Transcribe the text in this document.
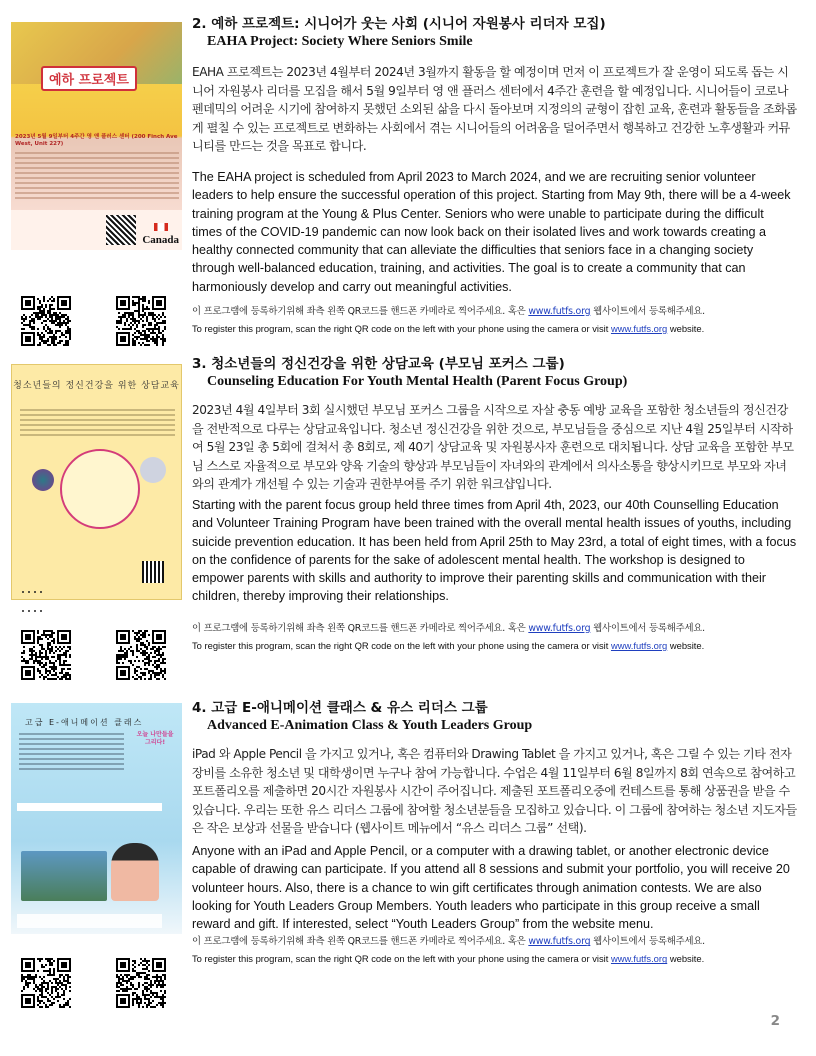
예하 프로젝트
2023년 5월 9일부터 4주간 영 앤 플러스 센터 (200 Finch Ave West, Unit 227)
Canada

청소년들의 정신건강을 위한 상담교육

고급 E-애니메이션 클래스
오늘 나만들을 그리다!
2. 예하 프로젝트: 시니어가 웃는 사회 (시니어 자원봉사 리더자 모집)
EAHA Project: Society Where Seniors Smile
EAHA 프로젝트는 2023년 4월부터 2024년 3월까지 활동을 할 예정이며 먼저 이 프로젝트가 잘 운영이 되도록 돕는 시니어 자원봉사 리더를 모집을 해서 5월 9일부터 영 앤 플러스 센터에서 4주간 훈련을 할 예정입니다. 시니어들이 코로나 펜데믹의 어려운 시기에 참여하지 못했던 소외된 삶을 다시 돌아보며 지정의의 균형이 잡힌 교육, 훈련과 활동들을 조화롭게 펼칠 수 있는 프로젝트로 변화하는 사회에서 겪는 시니어들의 어려움을 덜어주면서 행복하고 건강한 노후생활과 커뮤니티를 만드는 것을 목표로 합니다.
The EAHA project is scheduled from April 2023 to March 2024, and we are recruiting senior volunteer leaders to help ensure the successful operation of this project. Starting from May 9th, there will be a 4-week training program at the Young & Plus Center. Seniors who were unable to participate during the difficult times of the COVID-19 pandemic can now look back on their isolated lives and work towards creating a healthy connected community that can alleviate the difficulties that seniors face in a changing society through well-balanced education, training, and activities. The goal is to create a community that can harmoniously develop and carry out meaningful activities.
이 프로그램에 등록하기위해 좌측 왼쪽 QR코드를 핸드폰 카메라로 찍어주세요. 혹은 www.futfs.org 웹사이트에서 등록해주세요.
To register this program, scan the right QR code on the left with your phone using the camera or visit www.futfs.org website.
3. 청소년들의 정신건강을 위한 상담교육 (부모님 포커스 그룹)
Counseling Education For Youth Mental Health (Parent Focus Group)
2023년 4월 4일부터 3회 실시했던 부모님 포커스 그룹을 시작으로 자살 충동 예방 교육을 포함한 청소년들의 정신건강을 전반적으로 다루는 상담교육입니다. 청소년 정신건강을 위한 것으로, 부모님들을 중심으로 지난 4월 25일부터 시작하여 5월 23일 총 5회에 걸쳐서 총 8회로, 제 40기 상담교육 및 자원봉사자 훈련으로 대치됩니다. 상담 교육을 포함한 부모님 스스로 자율적으로 부모와 양육 기술의 향상과 부모님들이 자녀와의 관계에서 의사소통을 향상시키므로 부모와 자녀와의 관계가 개선될 수 있는 기술과 권한부여를 주기 위한 워크샵입니다.
Starting with the parent focus group held three times from April 4th, 2023, our 40th Counselling Education and Volunteer Training Program have been trained with the overall mental health issues of youths, including suicide prevention education. It has been held from April 25th to May 23rd, a total of eight times, with a focus on the confidence of parents for the sake of adolescent mental health. The workshop is designed to empower parents with skills and authority to improve their parenting skills and communication with their children, thereby improving their relationships.
이 프로그램에 등록하기위해 좌측 왼쪽 QR코드를 핸드폰 카메라로 찍어주세요. 혹은 www.futfs.org 웹사이트에서 등록해주세요.
To register this program, scan the right QR code on the left with your phone using the camera or visit www.futfs.org website.
4. 고급 E-애니메이션 클래스 & 유스 리더스 그룹
Advanced E-Animation Class & Youth Leaders Group
iPad 와 Apple Pencil 을 가지고 있거나, 혹은 컴퓨터와 Drawing Tablet 을 가지고 있거나, 혹은 그릴 수 있는 기타 전자 장비를 소유한 청소년 및 대학생이면 누구나 참여 가능합니다. 수업은 4월 11일부터 6월 8일까지 8회 연속으로 참여하고 포트폴리오를 제출하면 20시간 자원봉사 시간이 주어집니다. 제출된 포트폴리오중에 컨테스트를 통해 상품권을 받을 수 있습니다. 우리는 또한 유스 리더스 그룹에 참여할 청소년분들을 모집하고 있습니다. 이 그룹에 참여하는 청소년 지도자들은 작은 보상과 선물을 받습니다 (웹사이트 메뉴에서 “유스 리더스 그룹” 선택).
Anyone with an iPad and Apple Pencil, or a computer with a drawing tablet, or another electronic device capable of drawing can participate. If you attend all 8 sessions and submit your portfolio, you will receive 20 volunteer hours. Also, there is a chance to win gift certificates through animation contests. We are also looking for Youth Leaders Group Members. Youth leaders who participate in this group receive a small reward and gift. If interested, select “Youth Leaders Group” from the website menu.
이 프로그램에 등록하기위해 좌측 왼쪽 QR코드를 핸드폰 카메라로 찍어주세요. 혹은 www.futfs.org 웹사이트에서 등록해주세요.
To register this program, scan the right QR code on the left with your phone using the camera or visit www.futfs.org website.
2
